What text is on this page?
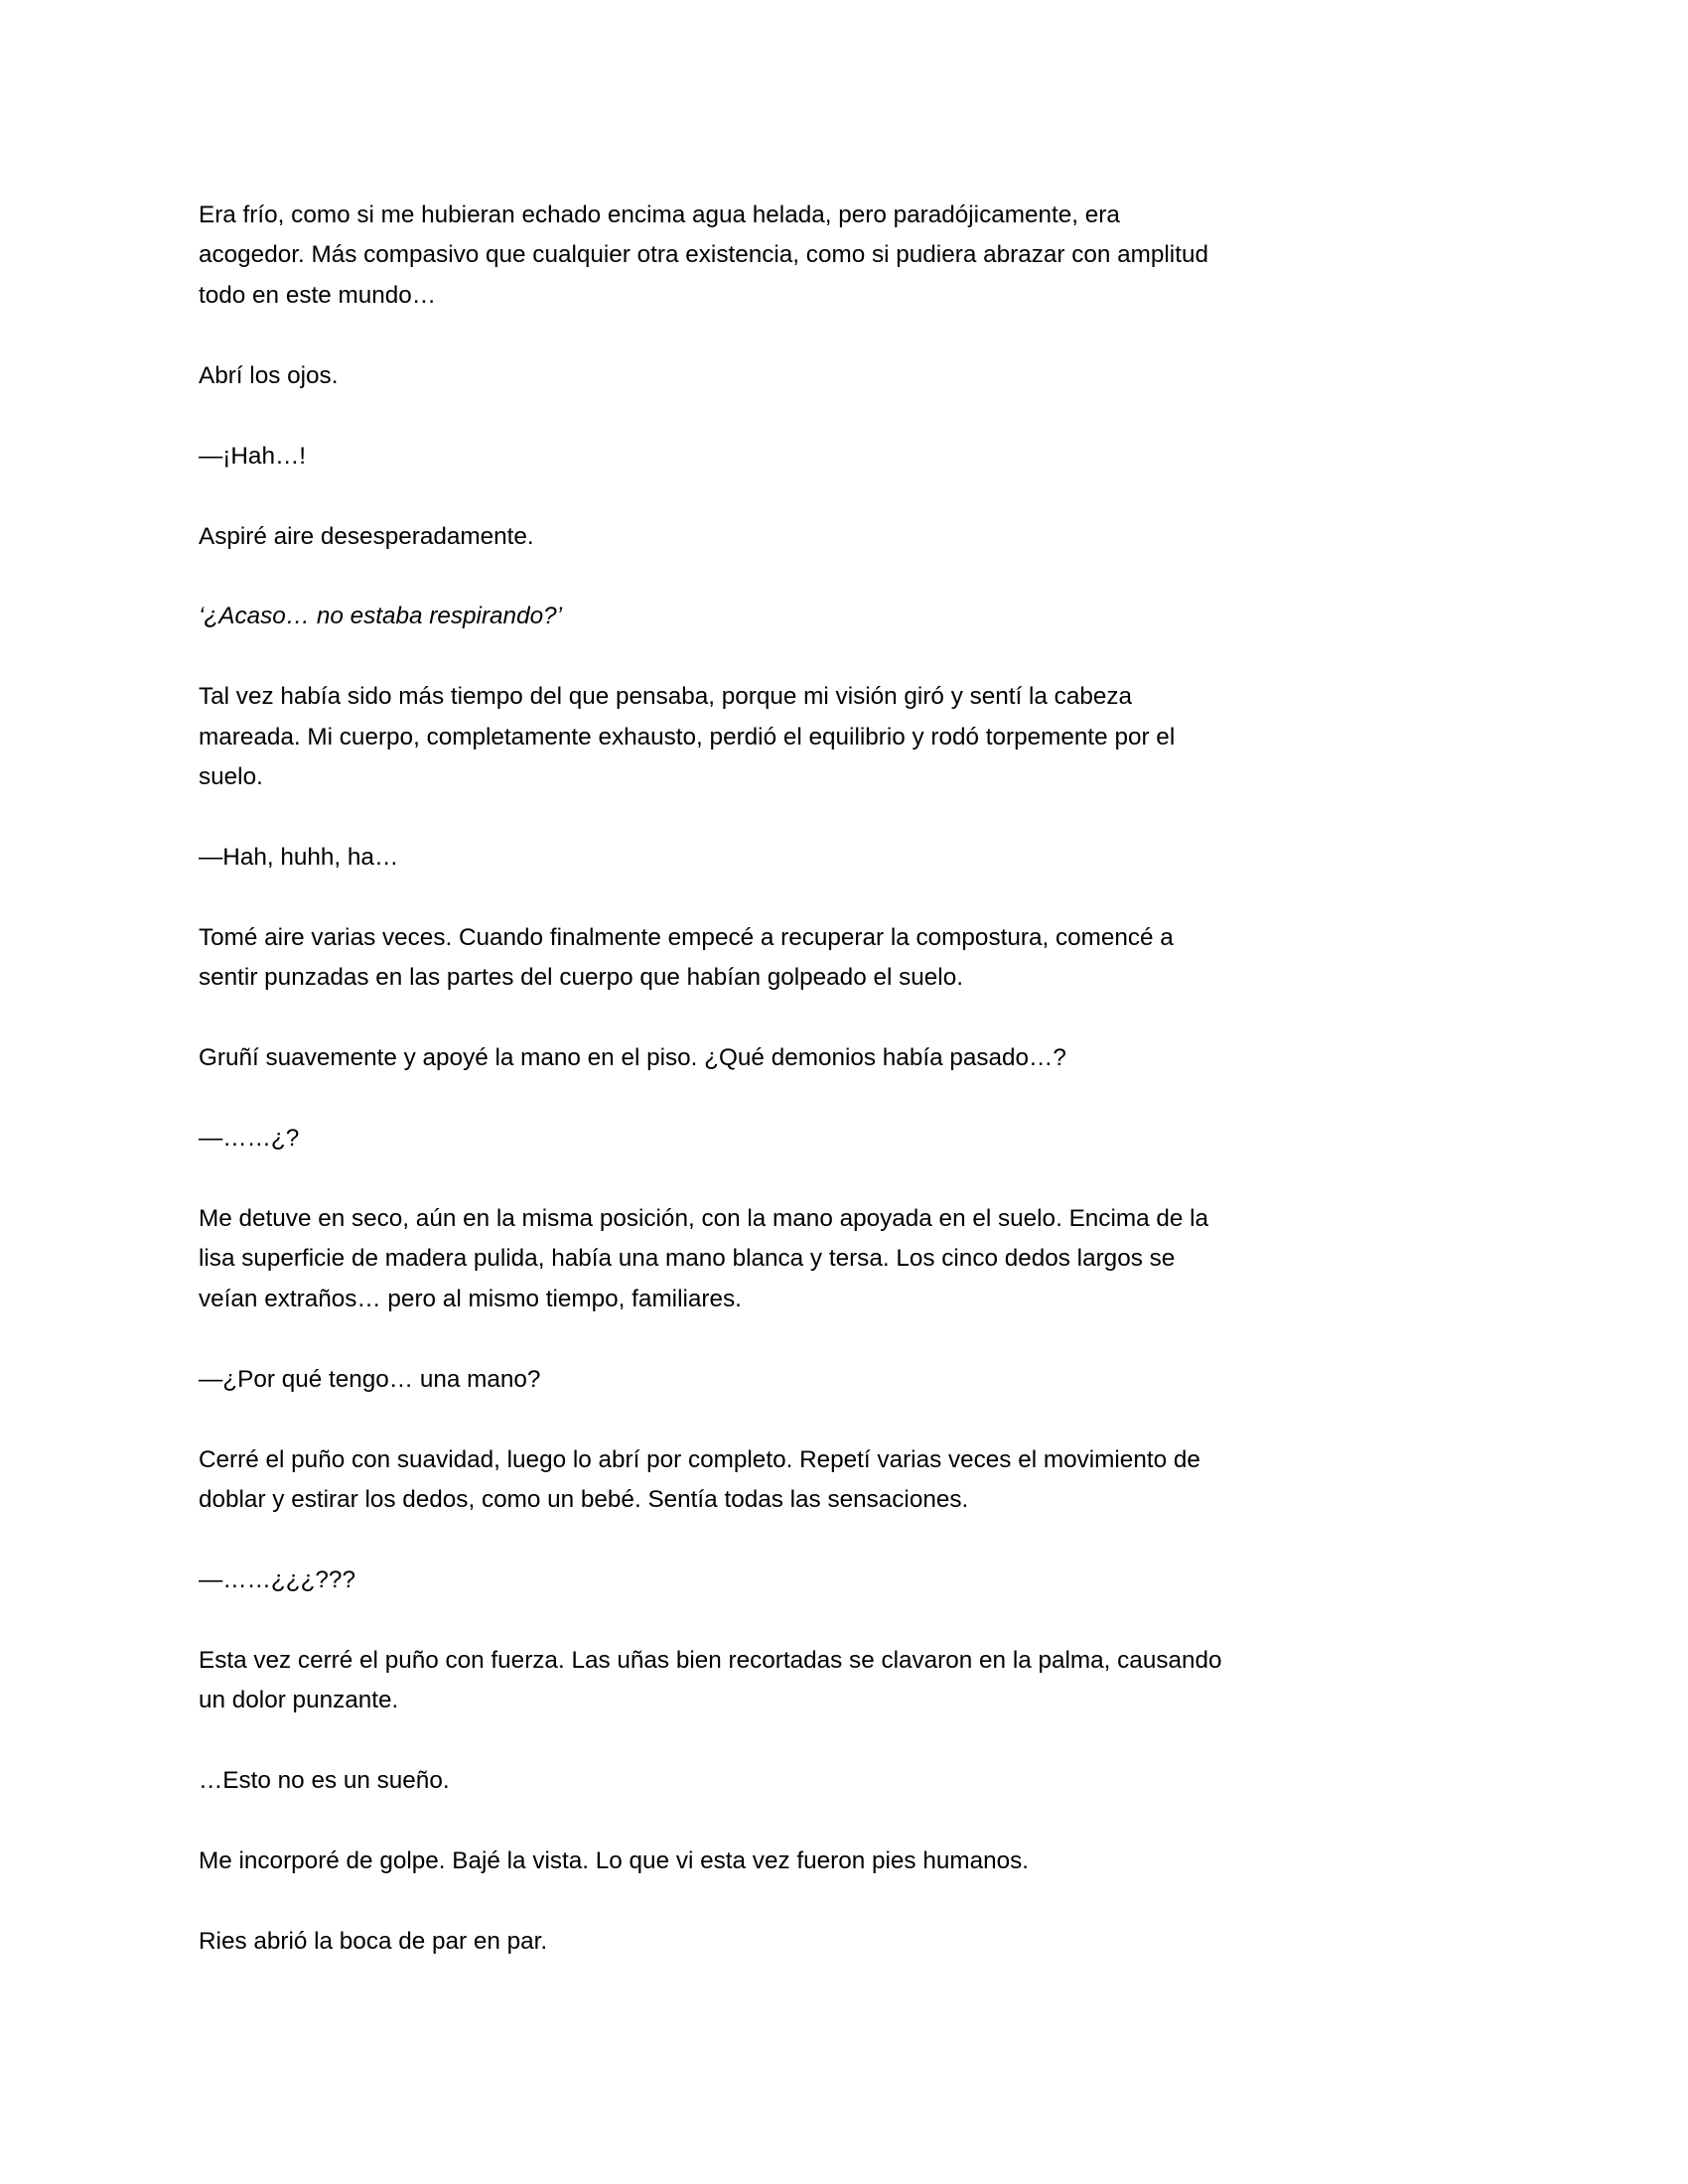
Era frío, como si me hubieran echado encima agua helada, pero paradójicamente, era
acogedor. Más compasivo que cualquier otra existencia, como si pudiera abrazar con amplitud
todo en este mundo…
Abrí los ojos.
—¡Hah…!
Aspiré aire desesperadamente.
‘¿Acaso… no estaba respirando?’
Tal vez había sido más tiempo del que pensaba, porque mi visión giró y sentí la cabeza
mareada. Mi cuerpo, completamente exhausto, perdió el equilibrio y rodó torpemente por el
suelo.
—Hah, huhh, ha…
Tomé aire varias veces. Cuando finalmente empecé a recuperar la compostura, comencé a
sentir punzadas en las partes del cuerpo que habían golpeado el suelo.
Gruñí suavemente y apoyé la mano en el piso. ¿Qué demonios había pasado…?
—……¿?
Me detuve en seco, aún en la misma posición, con la mano apoyada en el suelo. Encima de la
lisa superficie de madera pulida, había una mano blanca y tersa. Los cinco dedos largos se
veían extraños… pero al mismo tiempo, familiares.
—¿Por qué tengo… una mano?
Cerré el puño con suavidad, luego lo abrí por completo. Repetí varias veces el movimiento de
doblar y estirar los dedos, como un bebé. Sentía todas las sensaciones.
—……¿¿¿???
Esta vez cerré el puño con fuerza. Las uñas bien recortadas se clavaron en la palma, causando
un dolor punzante.
…Esto no es un sueño.
Me incorporé de golpe. Bajé la vista. Lo que vi esta vez fueron pies humanos.
Ries abrió la boca de par en par.
